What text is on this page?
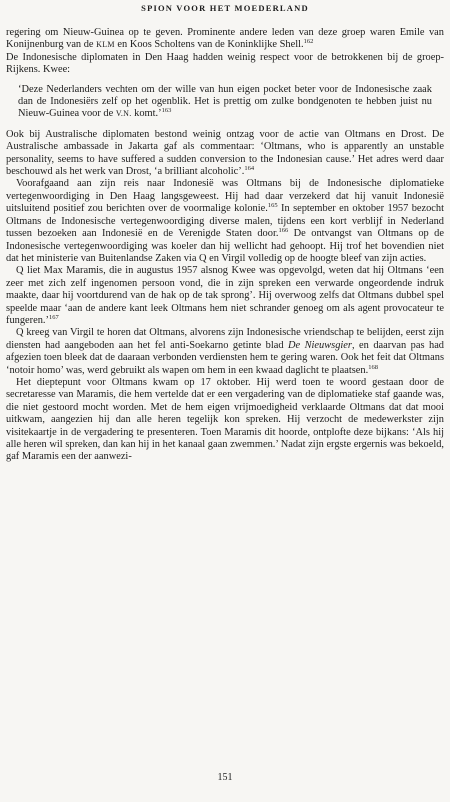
SPION VOOR HET MOEDERLAND

regering om Nieuw-Guinea op te geven. Prominente andere leden van deze groep waren Emile van Konijnenburg van de KLM en Koos Scholtens van de Koninklijke Shell.$^{162}$

De Indonesische diplomaten in Den Haag hadden weinig respect voor de betrokkenen bij de groep-Rijkens. Kwee:

‘Deze Nederlanders vechten om der wille van hun eigen pocket beter voor de Indonesische zaak dan de Indonesiërs zelf op het ogenblik. Het is prettig om zulke bondgenoten te hebben juist nu Nieuw-Guinea voor de V.N. komt.’$^{163}$

Ook bij Australische diplomaten bestond weinig ontzag voor de actie van Oltmans en Drost. De Australische ambassade in Jakarta gaf als commentaar: ‘Oltmans, who is apparently an unstable personality, seems to have suffered a sudden conversion to the Indonesian cause.’ Het adres werd daar beschouwd als het werk van Drost, ‘a brilliant alcoholic’.$^{164}$

Voorafgaand aan zijn reis naar Indonesië was Oltmans bij de Indonesische diplomatieke vertegenwoordiging in Den Haag langsgeweest. Hij had daar verzekerd dat hij vanuit Indonesië uitsluitend positief zou berichten over de voormalige kolonie.$^{165}$ In september en oktober 1957 bezocht Oltmans de Indonesische vertegenwoordiging diverse malen, tijdens een kort verblijf in Nederland tussen bezoeken aan Indonesië en de Verenigde Staten door.$^{166}$ De ontvangst van Oltmans op de Indonesische vertegenwoordiging was koeler dan hij wellicht had gehoopt. Hij trof het bovendien niet dat het ministerie van Buitenlandse Zaken via Q en Virgil volledig op de hoogte bleef van zijn acties.

Q liet Max Maramis, die in augustus 1957 alsnog Kwee was opgevolgd, weten dat hij Oltmans ‘een zeer met zich zelf ingenomen persoon vond, die in zijn spreken een verwarde ongeordende indruk maakte, daar hij voortdurend van de hak op de tak sprong’. Hij overwoog zelfs dat Oltmans dubbel spel speelde maar ‘aan de andere kant leek Oltmans hem niet schrander genoeg om als agent provocateur te fungeren.’$^{167}$

Q kreeg van Virgil te horen dat Oltmans, alvorens zijn Indonesische vriendschap te belijden, eerst zijn diensten had aangeboden aan het fel anti-Soekarno getinte blad De Nieuwsgier, en daarvan pas had afgezien toen bleek dat de daaraan verbonden verdiensten hem te gering waren. Ook het feit dat Oltmans ‘notoir homo’ was, werd gebruikt als wapen om hem in een kwaad daglicht te plaatsen.$^{168}$

Het dieptepunt voor Oltmans kwam op 17 oktober. Hij werd toen te woord gestaan door de secretaresse van Maramis, die hem vertelde dat er een vergadering van de diplomatieke staf gaande was, die niet gestoord mocht worden. Met de hem eigen vrijmoedigheid verklaarde Oltmans dat dat mooi uitkwam, aangezien hij dan alle heren tegelijk kon spreken. Hij verzocht de medewerkster zijn visitekaartje in de vergadering te presenteren. Toen Maramis dit hoorde, ontplofte deze bijkans: ‘Als hij alle heren wil spreken, dan kan hij in het kanaal gaan zwemmen.’ Nadat zijn ergste ergernis was bekoeld, gaf Maramis een der aanwezi-

151
